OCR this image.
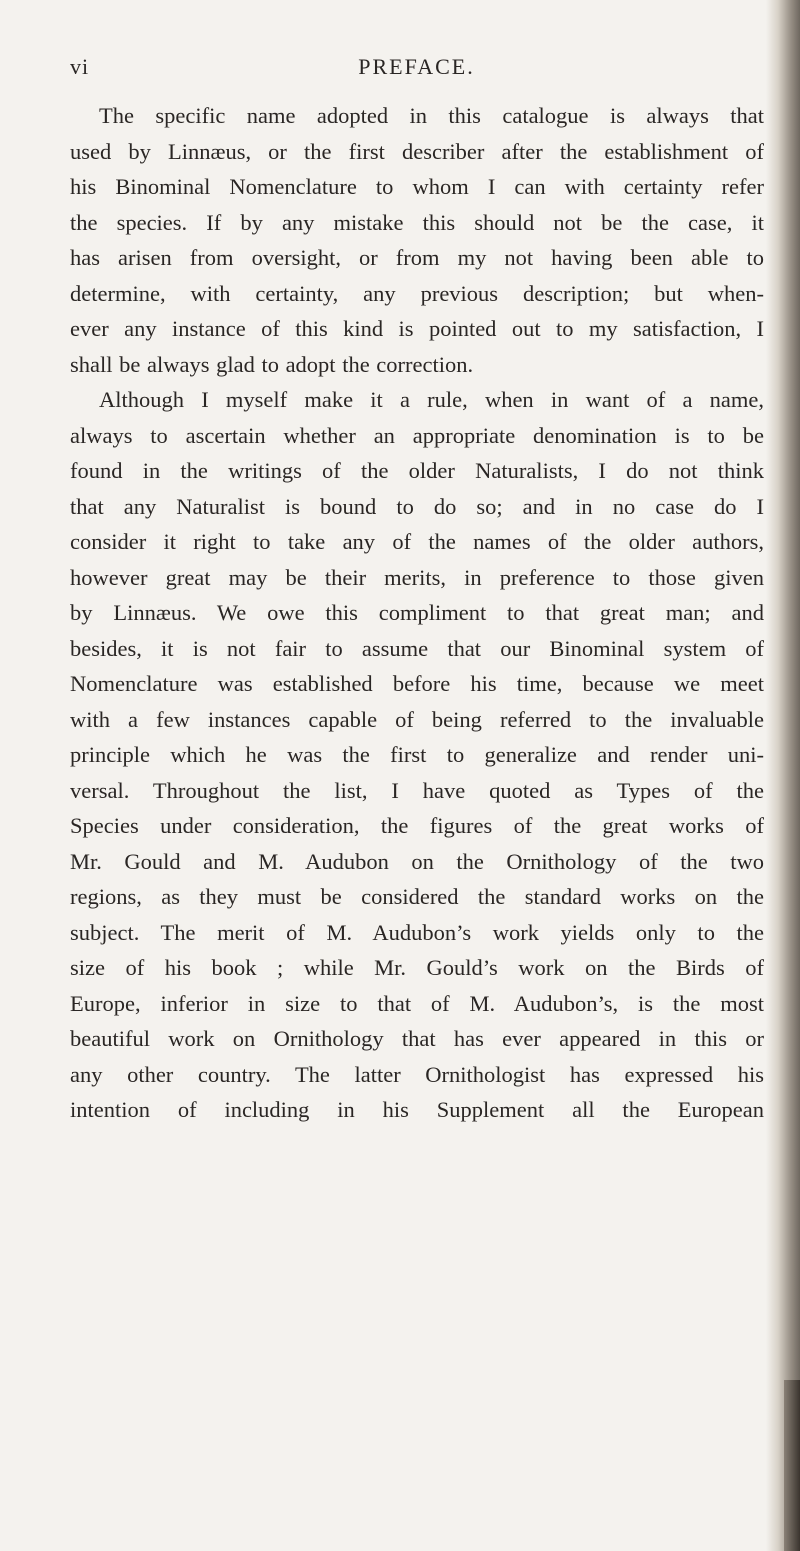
vi	PREFACE.
The specific name adopted in this catalogue is always that
used by Linnæus, or the first describer after the establishment of
his Binominal Nomenclature to whom I can with certainty refer
the species. If by any mistake this should not be the case, it
has arisen from oversight, or from my not having been able to
determine, with certainty, any previous description; but when-
ever any instance of this kind is pointed out to my satisfaction, I
shall be always glad to adopt the correction.
Although I myself make it a rule, when in want of a name,
always to ascertain whether an appropriate denomination is to be
found in the writings of the older Naturalists, I do not think
that any Naturalist is bound to do so; and in no case do I
consider it right to take any of the names of the older authors,
however great may be their merits, in preference to those given
by Linnæus. We owe this compliment to that great man; and
besides, it is not fair to assume that our Binominal system of
Nomenclature was established before his time, because we meet
with a few instances capable of being referred to the invaluable
principle which he was the first to generalize and render uni-
versal. Throughout the list, I have quoted as Types of the
Species under consideration, the figures of the great works of
Mr. Gould and M. Audubon on the Ornithology of the two
regions, as they must be considered the standard works on the
subject. The merit of M. Audubon’s work yields only to the
size of his book ; while Mr. Gould’s work on the Birds of
Europe, inferior in size to that of M. Audubon’s, is the most
beautiful work on Ornithology that has ever appeared in this or
any other country. The latter Ornithologist has expressed his
intention of including in his Supplement all the European
